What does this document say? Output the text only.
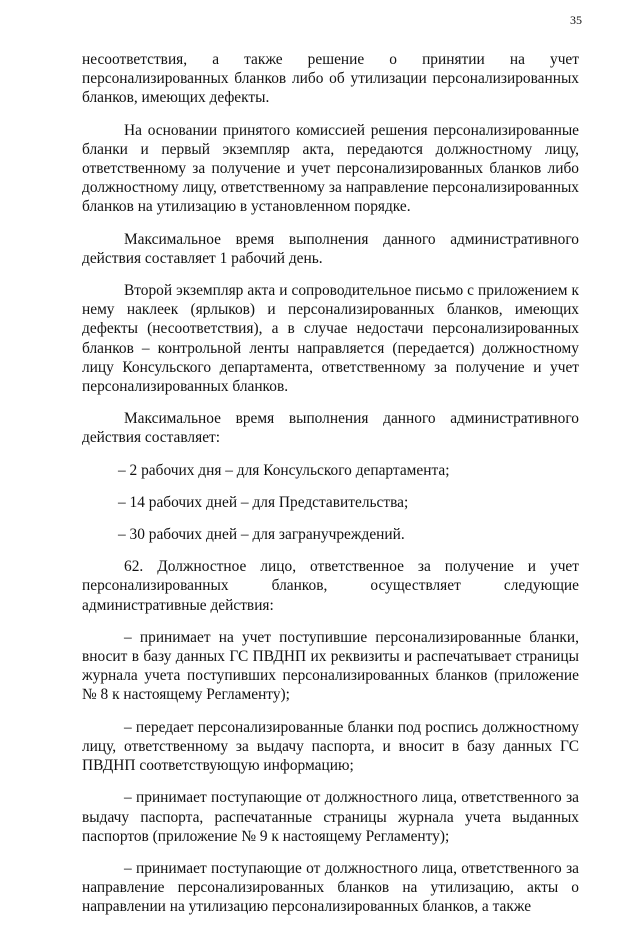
35

несоответствия, а также решение о принятии на учет персонализированных бланков либо об утилизации персонализированных бланков, имеющих дефекты.

На основании принятого комиссией решения персонализированные бланки и первый экземпляр акта, передаются должностному лицу, ответственному за получение и учет персонализированных бланков либо должностному лицу, ответственному за направление персонализированных бланков на утилизацию в установленном порядке.

Максимальное время выполнения данного административного действия составляет 1 рабочий день.

Второй экземпляр акта и сопроводительное письмо с приложением к нему наклеек (ярлыков) и персонализированных бланков, имеющих дефекты (несоответствия), а в случае недостачи персонализированных бланков – контрольной ленты направляется (передается) должностному лицу Консульского департамента, ответственному за получение и учет персонализированных бланков.

Максимальное время выполнения данного административного действия составляет:

– 2 рабочих дня – для Консульского департамента;

– 14 рабочих дней – для Представительства;

– 30 рабочих дней – для загранучреждений.

62. Должностное лицо, ответственное за получение и учет персонализированных бланков, осуществляет следующие административные действия:

– принимает на учет поступившие персонализированные бланки, вносит в базу данных ГС ПВДНП их реквизиты и распечатывает страницы журнала учета поступивших персонализированных бланков (приложение № 8 к настоящему Регламенту);

– передает персонализированные бланки под роспись должностному лицу, ответственному за выдачу паспорта, и вносит в базу данных ГС ПВДНП соответствующую информацию;

– принимает поступающие от должностного лица, ответственного за выдачу паспорта, распечатанные страницы журнала учета выданных паспортов (приложение № 9 к настоящему Регламенту);

– принимает поступающие от должностного лица, ответственного за направление персонализированных бланков на утилизацию, акты о направлении на утилизацию персонализированных бланков, а также
